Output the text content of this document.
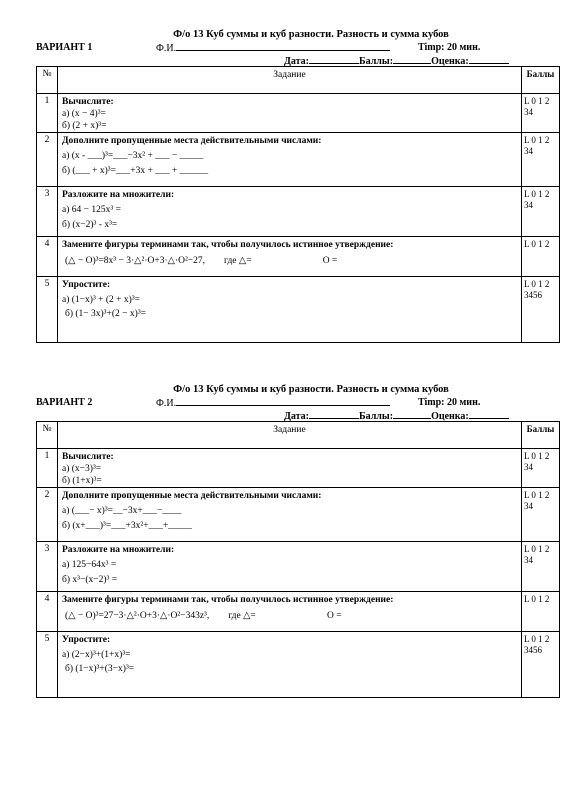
Ф/о 13 Куб суммы и куб разности. Разность и сумма кубов
ВАРИАНТ 1	Ф.И.	Timp: 20 мин.
Дата:	Баллы:	Оценка:
№	Задание	Баллы
1	Вычислите:
а) (x − 4)³=
б) (2 + x)³=	L 0 1 2 34
2	Дополните пропущенные места действительными числами:
а) (x - ___)³=___−3x² + ___ − _____
б) (___ + x)³=___+3x + ___ + ______	L 0 1 2 34
3	Разложите на множители:
а) 64 − 125x³ =
б) (x−2)³ - x³=	L 0 1 2 34
4	Замените фигуры терминами так, чтобы получилось истинное утверждение:
(△ − O)³=8x³ − 3·△²·O+3·△·O²−27,        где △=                              O =	L 0 1 2
5	Упростите:
а) (1−x)³ + (2 + x)³=
б) (1− 3x)³+(2 − x)³=	L 0 1 2 3456
Ф/о 13 Куб суммы и куб разности. Разность и сумма кубов
ВАРИАНТ 2	Ф.И.	Timp: 20 мин.
Дата:	Баллы:	Оценка:
№	Задание	Баллы
1	Вычислите:
а) (x−3)³=
б) (1+x)³=	L 0 1 2 34
2	Дополните пропущенные места действительными числами:
а) (___− x)³=__−3x+___−____
б) (x+___)³=___+3x²+___+_____	L 0 1 2 34
3	Разложите на множители:
а) 125−64x³ =
б) x³−(x−2)³ =	L 0 1 2 34
4	Замените фигуры терминами так, чтобы получилось истинное утверждение:
(△ − O)³=27−3·△²·O+3·△·O²−343z³,        где △=                              O =	L 0 1 2
5	Упростите:
а) (2−x)³+(1+x)³=
б) (1−x)³+(3−x)³=	L 0 1 2 3456
